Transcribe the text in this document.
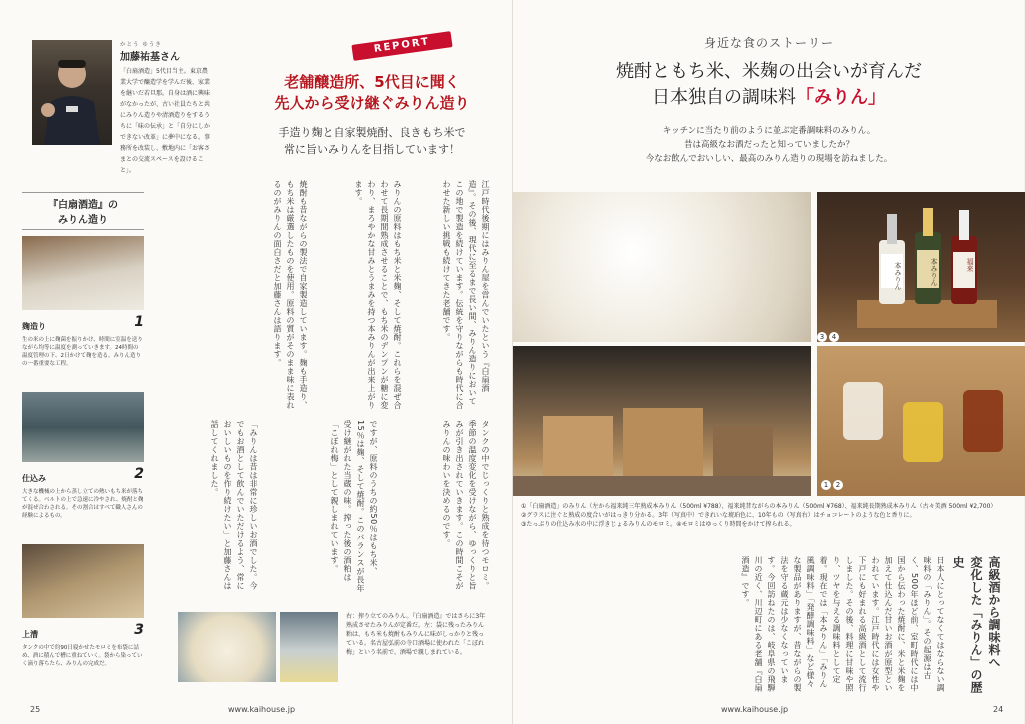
かとう ゆうき
加藤祐基さん
「白扇酒造」5代目当主。東京農業大学で醸造学を学んだ後、家業を継いだ若旦那。自身は酒に興味がなかったが、古い社員たちと共にみりん造りや清酒造りをするうちに「味の伝承」と「自分にしかできない改革」に夢中になる。事務所を改装し、敷地内に「お客さまとの交流スペースを設けること」。
REPORT
老舗醸造所、5代目に聞く
先人から受け継ぐみりん造り
手造り麹と自家製焼酎、良きもち米で
常に旨いみりんを目指しています！
『白扇酒造』の
みりん造り
麹造り	1
生の米の上に麹菌を振りかけ、時間に室温を送りながら均等に温度を測っていきます。24時間の温度管理の下、2日かけて麹を造る。みりん造りの一番重要な工程。
仕込み	2
大きな機械の上から蒸し立ての熱いもち米が落ちてくる。ベルトの上で急速に冷やされ、焼酎と麹が混ぜ合わされる。その割合はすべて職人さんの経験によるもの。
上漕	3
タンクの中で約90日寝かせたモロミを布袋に詰め、酒に積んで槽に重ねていく。袋から染っていく滴り落ちたら、みりんの完成だ。
江戸時代後期にはみりん屋を営んでいたという『白扇酒造』。その後、現代に至るまで長い間、みりん造りにおいてこの地で製造を続けています。伝統を守りながらも時代に合わせた新しい挑戦も続けてきた老舗です。
みりんの原料はもち米と米麹、そして焼酎。これらを混ぜ合わせて長期間熟成させることで、もち米のデンプンが糖に変わり、まろやかな甘みとうまみを持つ本みりんが出来上がります。
焼酎も昔ながらの製法で自家製造しています。麹も手造り、もち米は厳選したものを使用。原料の質がそのまま味に表れるのがみりんの面白さだと加藤さんは語ります。
タンクの中でじっくりと熟成を待つモロミ。季節の温度変化を受けながら、ゆっくりと旨みが引き出されていきます。この時間こそがみりんの味わいを決めるのです。
ですが、原料のうちの約50％はもち米、15％は麹、そして焼酎。このバランスが長年受け継がれた当蔵の味。搾った後の酒粕は「こぼれ梅」として親しまれています。
「みりんは昔は非常に珍しいお酒でした。今でもお酒として飲んでいただけるよう、常においしいものを作り続けたい」と加藤さんは話してくれました。
右：搾り立てのみりん。『白扇酒造』ではさらに3年熟成させたみりんが定番だ。左：袋に残ったみりん粕は、もち米も焼酎もみりんに味がしっかりと残っている。名古屋弘前の寺口酒場に使われた「こぼれ梅」という名前で、酒場で親しまれている。
25	www.kaihouse.jp
身近な食のストーリー
焼酎ともち米、米麹の出会いが育んだ
日本独自の調味料「みりん」
キッチンに当たり前のように並ぶ定番調味料のみりん。
昔は高級なお酒だったと知っていましたか？
今なお飲んでおいしい、最高のみりん造りの現場を訪ねました。
本みりん	本みりん	福来
1	2
3	4
①「白扇酒造」のみりん（左から福来純三年熟成本みりん（500ml ¥788）、福来純昔ながらの本みりん（500ml ¥768）、福来純長期熟成本みりん（古々美酒 500ml ¥2,700）
②グラスに注ぐと熟成の度合いがはっきり分かる。3年（写真中）できれいな琥珀色に、10年もの（写真右）はチョコレートのような色と香りに。
③たっぷりの仕込み水の中に浮きじょるみりんのモロミ。④モロミはゆっくり時間をかけて搾られる。
高級酒から調味料へ
変化した「みりん」の歴史
日本人にとってなくてはならない調味料の「みりん」。その起源は古く、500年ほど前、室町時代には中国から伝わった焼酎に、米と米麹を加えて仕込んだ甘いお酒が原型といわれています。江戸時代には女性や下戸にも好まれる高級酒として流行しました。その後、料理に甘味や照り、ツヤを与える調味料として定着。現在では「本みりん」「みりん風調味料」「発酵調味料」など様々な製品がありますが、昔ながらの製法を守る蔵元は少なくなっています。今回訪ねたのは、岐阜県の飛騨川の近く、川辺町にある老舗『白扇酒造』です。
www.kaihouse.jp	24
